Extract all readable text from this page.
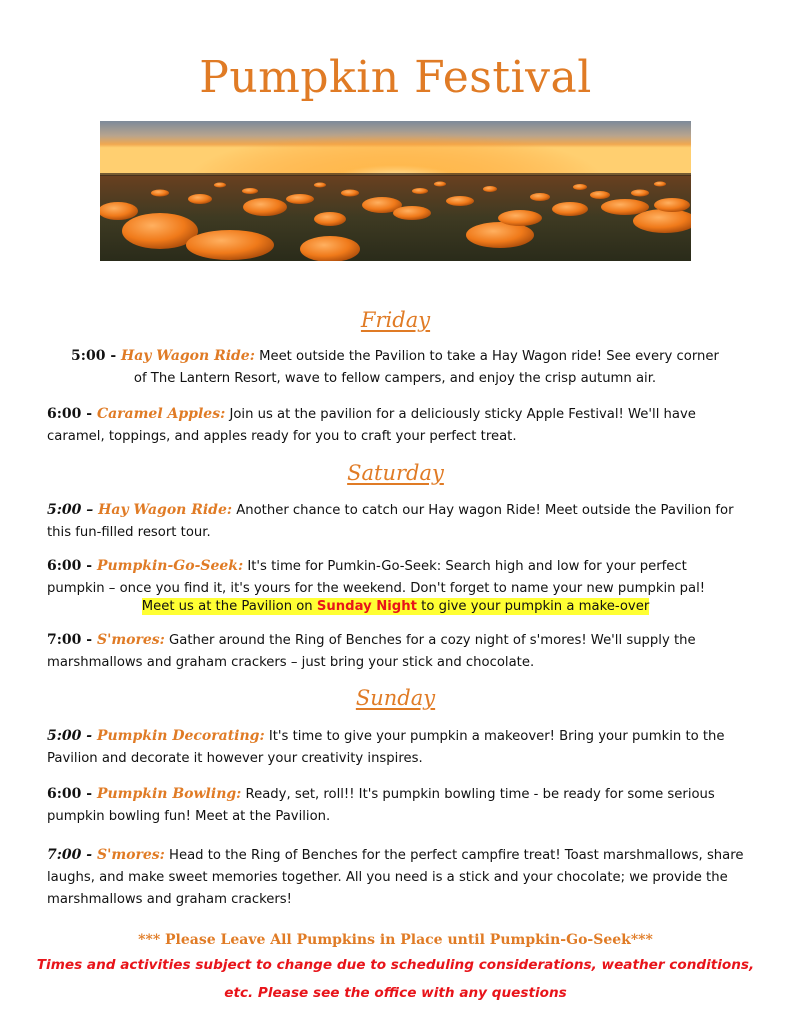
Pumpkin Festival
Friday
5:00 - Hay Wagon Ride: Meet outside the Pavilion to take a Hay Wagon ride! See every corner
of The Lantern Resort, wave to fellow campers, and enjoy the crisp autumn air.
6:00 - Caramel Apples: Join us at the pavilion for a deliciously sticky Apple Festival! We'll have caramel, toppings, and apples ready for you to craft your perfect treat.
Saturday
5:00 – Hay Wagon Ride: Another chance to catch our Hay wagon Ride! Meet outside the Pavilion for this fun-filled resort tour.
6:00 - Pumpkin-Go-Seek: It's time for Pumkin-Go-Seek: Search high and low for your perfect pumpkin – once you find it, it's yours for the weekend. Don't forget to name your new pumpkin pal!
Meet us at the Pavilion on Sunday Night to give your pumpkin a make-over
7:00 - S'mores: Gather around the Ring of Benches for a cozy night of s'mores! We'll supply the marshmallows and graham crackers – just bring your stick and chocolate.
Sunday
5:00 - Pumpkin Decorating: It's time to give your pumpkin a makeover! Bring your pumkin to the Pavilion and decorate it however your creativity inspires.
6:00 - Pumpkin Bowling: Ready, set, roll!! It's pumpkin bowling time - be ready for some serious pumpkin bowling fun! Meet at the Pavilion.
7:00 - S'mores: Head to the Ring of Benches for the perfect campfire treat! Toast marshmallows, share laughs, and make sweet memories together. All you need is a stick and your chocolate; we provide the marshmallows and graham crackers!
*** Please Leave All Pumpkins in Place until Pumpkin-Go-Seek***
Times and activities subject to change due to scheduling considerations, weather conditions,
etc. Please see the office with any questions
